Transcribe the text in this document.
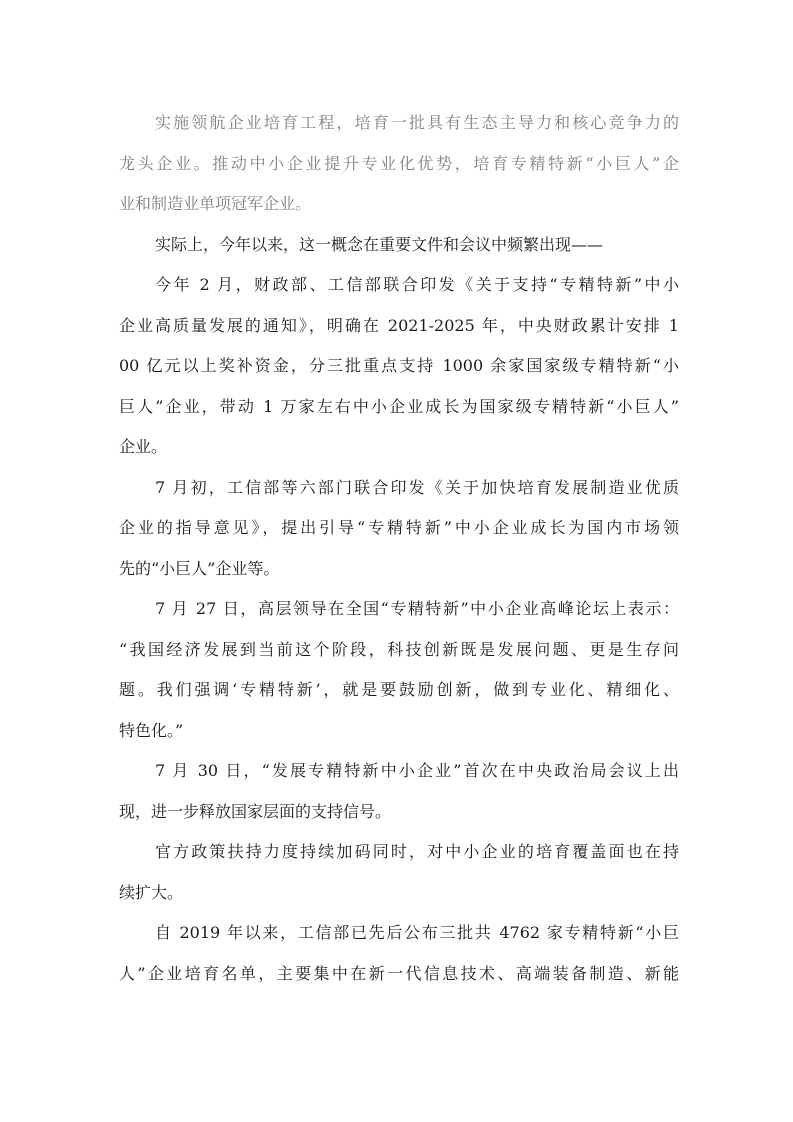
实施领航企业培育工程，培育一批具有生态主导力和核心竞争力的
龙头企业。推动中小企业提升专业化优势，培育专精特新“小巨人”企
业和制造业单项冠军企业。
实际上，今年以来，这一概念在重要文件和会议中频繁出现——
今年 2 月，财政部、工信部联合印发《关于支持“专精特新”中小
企业高质量发展的通知》，明确在 2021-2025 年，中央财政累计安排 1
00 亿元以上奖补资金，分三批重点支持 1000 余家国家级专精特新“小
巨人”企业，带动 1 万家左右中小企业成长为国家级专精特新“小巨人”
企业。
7 月初，工信部等六部门联合印发《关于加快培育发展制造业优质
企业的指导意见》，提出引导“专精特新”中小企业成长为国内市场领
先的“小巨人”企业等。
7 月 27 日，高层领导在全国“专精特新”中小企业高峰论坛上表示：
“我国经济发展到当前这个阶段，科技创新既是发展问题、更是生存问
题。我们强调‘专精特新’，就是要鼓励创新，做到专业化、精细化、
特色化。”
7 月 30 日，“发展专精特新中小企业”首次在中央政治局会议上出
现，进一步释放国家层面的支持信号。
官方政策扶持力度持续加码同时，对中小企业的培育覆盖面也在持
续扩大。
自 2019 年以来，工信部已先后公布三批共 4762 家专精特新“小巨
人”企业培育名单，主要集中在新一代信息技术、高端装备制造、新能
